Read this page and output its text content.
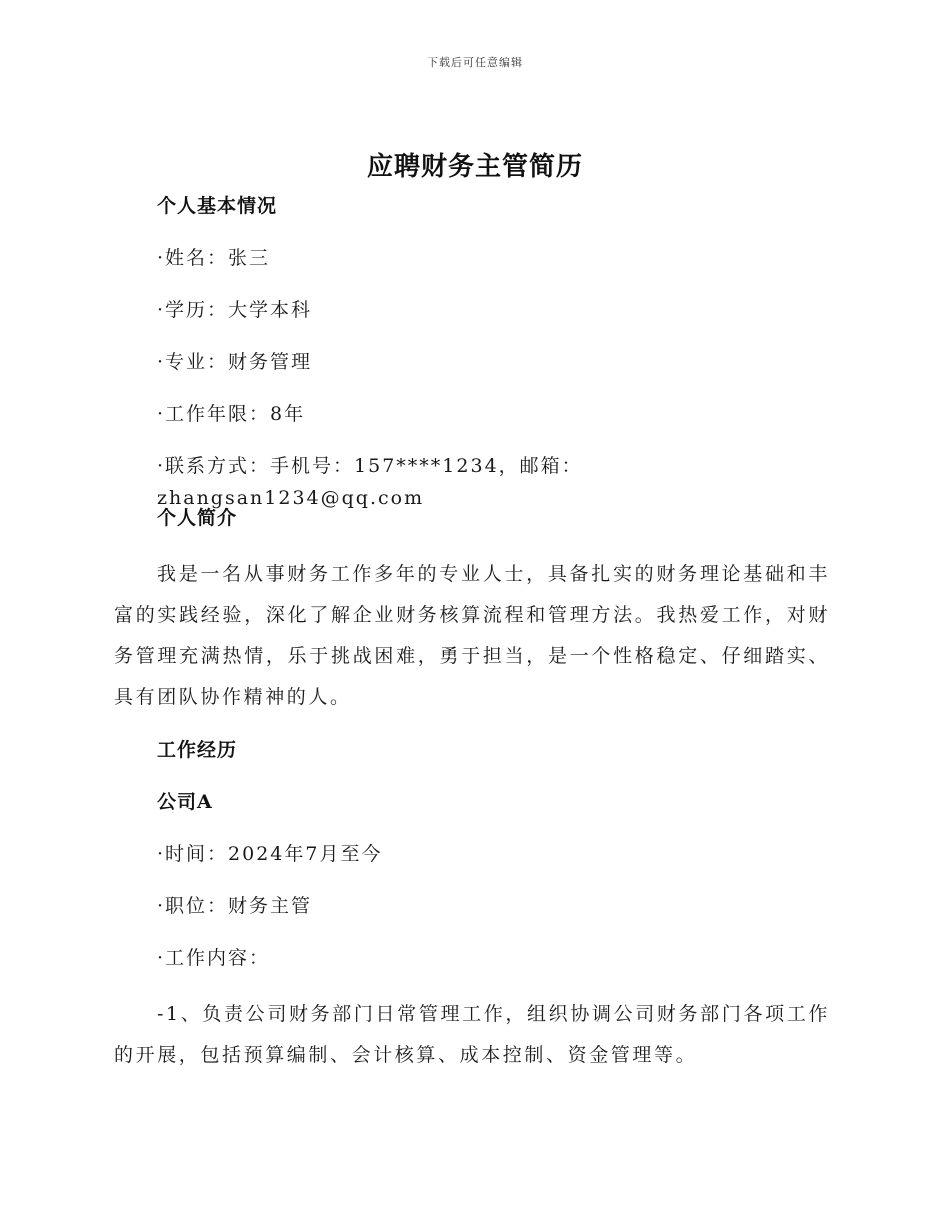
下载后可任意编辑
应聘财务主管简历
个人基本情况
·姓名：张三
·学历：大学本科
·专业：财务管理
·工作年限：8年
·联系方式：手机号：157****1234，邮箱：zhangsan1234@qq.com
个人简介

我是一名从事财务工作多年的专业人士，具备扎实的财务理论基础和丰富的实践经验，深化了解企业财务核算流程和管理方法。我热爱工作，对财务管理充满热情，乐于挑战困难，勇于担当，是一个性格稳定、仔细踏实、具有团队协作精神的人。

工作经历
公司A
·时间：2024年7月至今
·职位：财务主管
·工作内容：

-1、负责公司财务部门日常管理工作，组织协调公司财务部门各项工作的开展，包括预算编制、会计核算、成本控制、资金管理等。
